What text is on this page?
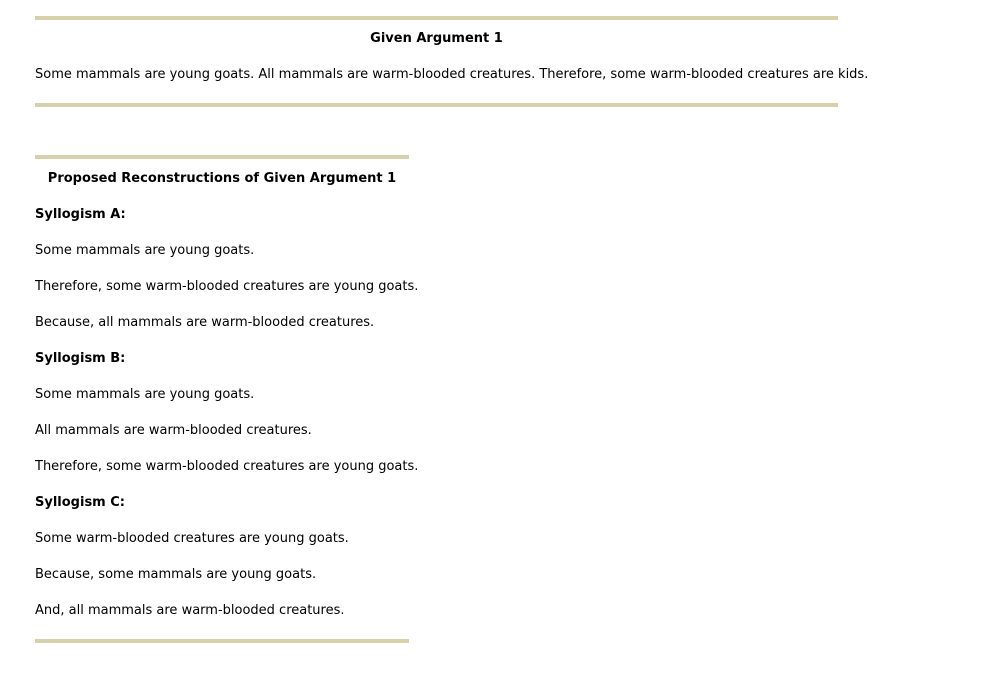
Given Argument 1
Some mammals are young goats. All mammals are warm-blooded creatures. Therefore, some warm-blooded creatures are kids.
Proposed Reconstructions of Given Argument 1
Syllogism A:
Some mammals are young goats.
Therefore, some warm-blooded creatures are young goats.
Because, all mammals are warm-blooded creatures.
Syllogism B:
Some mammals are young goats.
All mammals are warm-blooded creatures.
Therefore, some warm-blooded creatures are young goats.
Syllogism C:
Some warm-blooded creatures are young goats.
Because, some mammals are young goats.
And, all mammals are warm-blooded creatures.
